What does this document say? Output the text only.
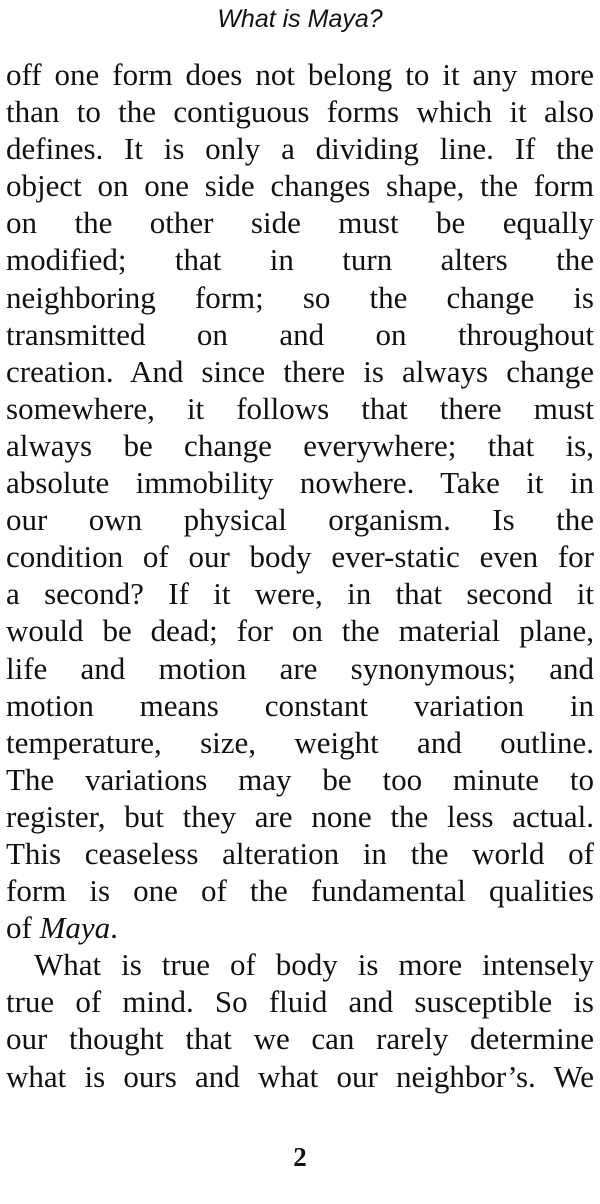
What is Maya?
off one form does not belong to it any more
than to the contiguous forms which it also
defines. It is only a dividing line. If the
object on one side changes shape, the form
on the other side must be equally
modified; that in turn alters the
neighboring form; so the change is
transmitted on and on throughout
creation. And since there is always change
somewhere, it follows that there must
always be change everywhere; that is,
absolute immobility nowhere. Take it in
our own physical organism. Is the
condition of our body ever-static even for
a second? If it were, in that second it
would be dead; for on the material plane,
life and motion are synonymous; and
motion means constant variation in
temperature, size, weight and outline.
The variations may be too minute to
register, but they are none the less actual.
This ceaseless alteration in the world of
form is one of the fundamental qualities
of Maya.
What is true of body is more intensely
true of mind. So fluid and susceptible is
our thought that we can rarely determine
what is ours and what our neighbor’s. We
2
